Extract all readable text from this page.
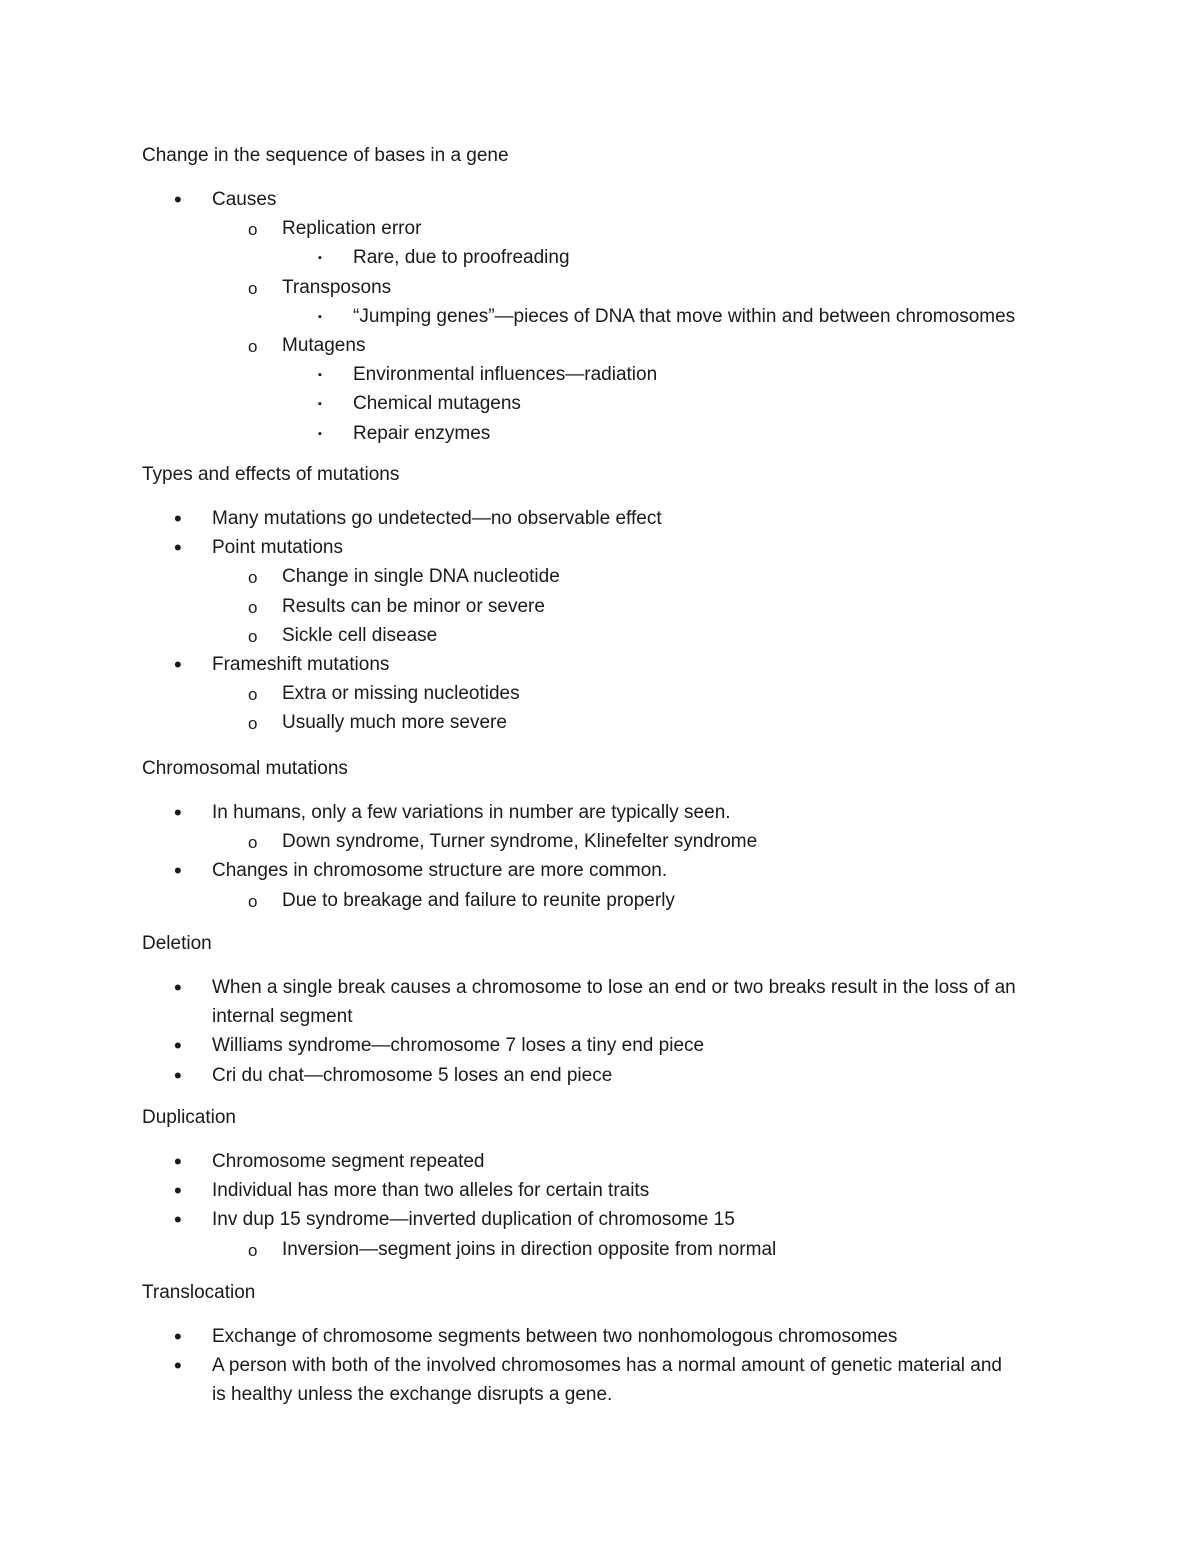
Change in the sequence of bases in a gene
• Causes
o Replication error
▪ Rare, due to proofreading
o Transposons
▪ “Jumping genes”—pieces of DNA that move within and between chromosomes
o Mutagens
▪ Environmental influences—radiation
▪ Chemical mutagens
▪ Repair enzymes
Types and effects of mutations
• Many mutations go undetected—no observable effect
• Point mutations
o Change in single DNA nucleotide
o Results can be minor or severe
o Sickle cell disease
• Frameshift mutations
o Extra or missing nucleotides
o Usually much more severe
Chromosomal mutations
• In humans, only a few variations in number are typically seen.
o Down syndrome, Turner syndrome, Klinefelter syndrome
• Changes in chromosome structure are more common.
o Due to breakage and failure to reunite properly
Deletion
• When a single break causes a chromosome to lose an end or two breaks result in the loss of an
internal segment
• Williams syndrome—chromosome 7 loses a tiny end piece
• Cri du chat—chromosome 5 loses an end piece
Duplication
• Chromosome segment repeated
• Individual has more than two alleles for certain traits
• Inv dup 15 syndrome—inverted duplication of chromosome 15
o Inversion—segment joins in direction opposite from normal
Translocation
• Exchange of chromosome segments between two nonhomologous chromosomes
• A person with both of the involved chromosomes has a normal amount of genetic material and
is healthy unless the exchange disrupts a gene.
